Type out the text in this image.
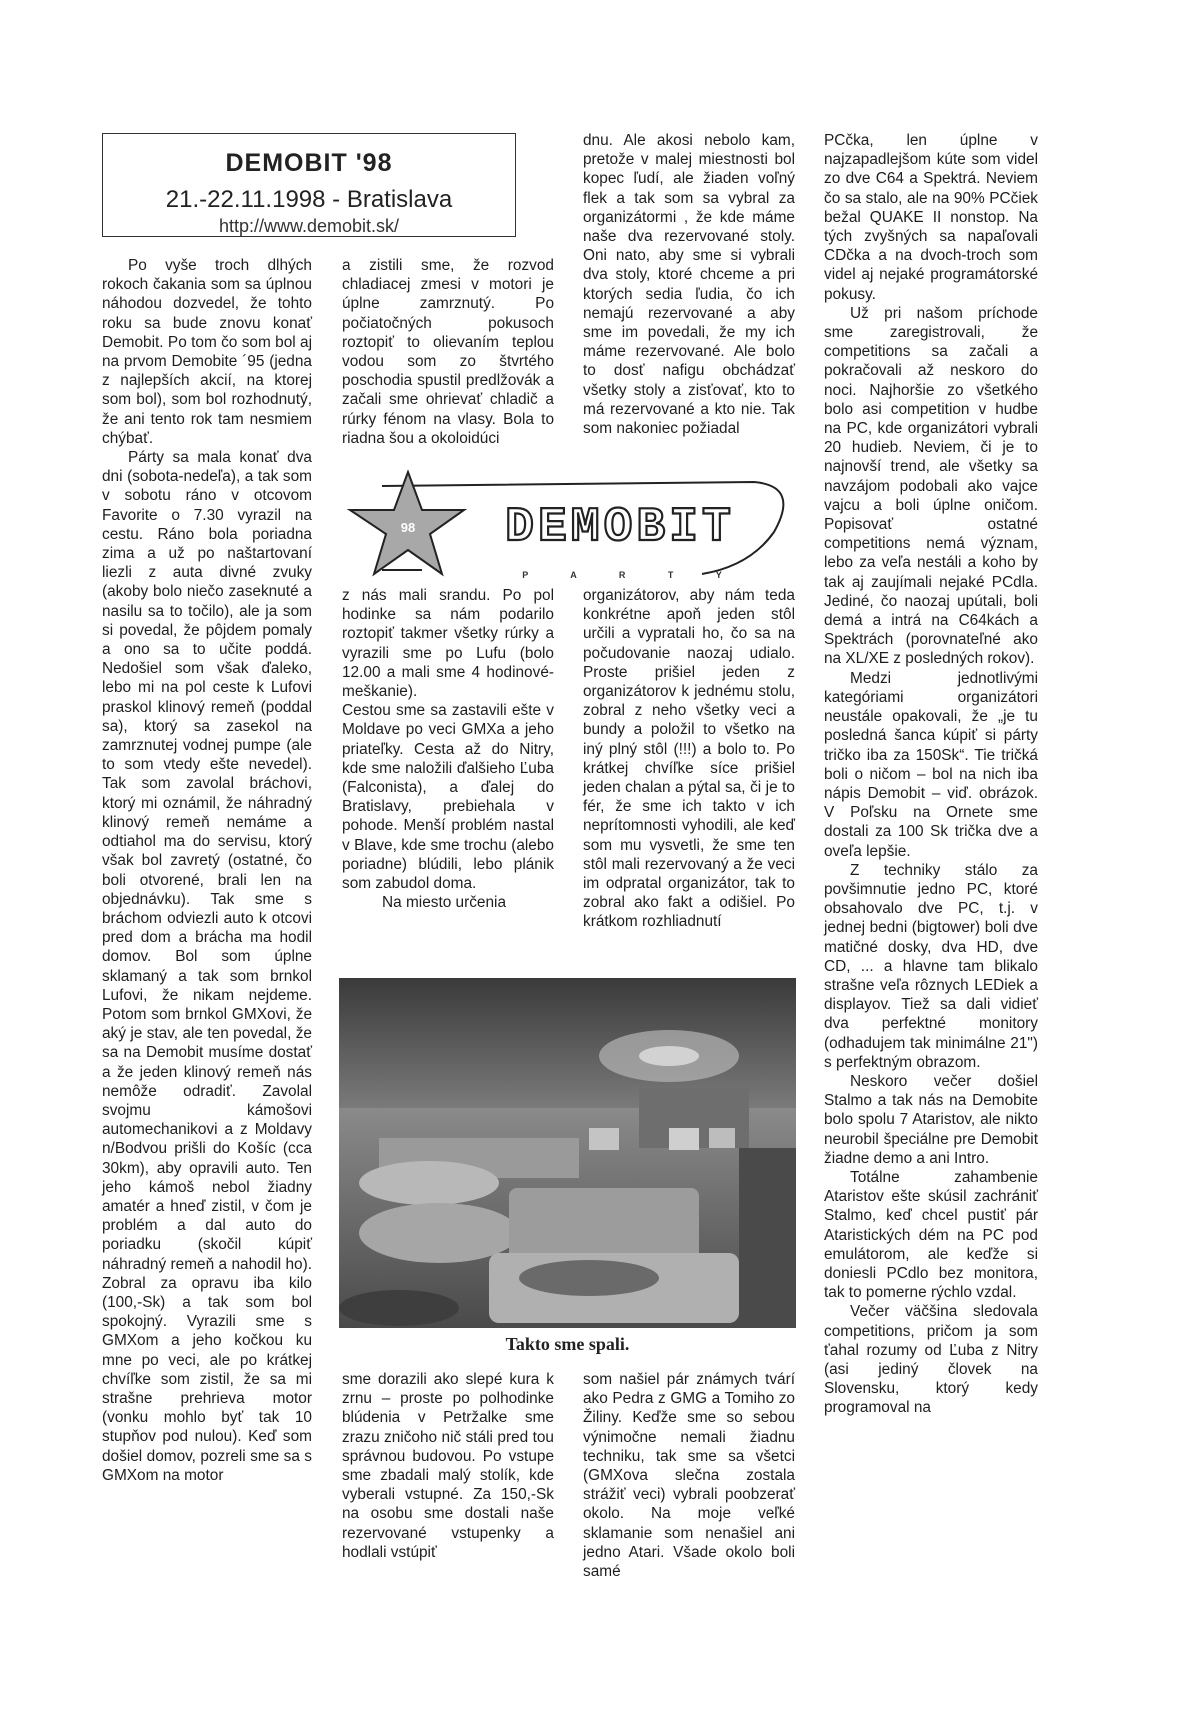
DEMOBIT '98
21.-22.11.1998 - Bratislava
http://www.demobit.sk/

Po vyše troch dlhých rokoch čakania som sa úplnou náhodou dozvedel, že tohto roku sa bude znovu konať Demobit. Po tom čo som bol aj na prvom Demobite ´95 (jedna z najlepších akcií, na ktorej som bol), som bol rozhodnutý, že ani tento rok tam nesmiem chýbať.

Párty sa mala konať dva dni (sobota-nedeľa), a tak som v sobotu ráno v otcovom Favorite o 7.30 vyrazil na cestu. Ráno bola poriadna zima a už po naštartovaní liezli z auta divné zvuky (akoby bolo niečo zaseknuté a nasilu sa to točilo), ale ja som si povedal, že pôjdem pomaly a ono sa to učite poddá. Nedošiel som však ďaleko, lebo mi na pol ceste k Lufovi praskol klinový remeň (poddal sa), ktorý sa zasekol na zamrznutej vodnej pumpe (ale to som vtedy ešte nevedel). Tak som zavolal bráchovi, ktorý mi oznámil, že náhradný klinový remeň nemáme a odtiahol ma do servisu, ktorý však bol zavretý (ostatné, čo boli otvorené, brali len na objednávku). Tak sme s bráchom odviezli auto k otcovi pred dom a brácha ma hodil domov. Bol som úplne sklamaný a tak som brnkol Lufovi, že nikam nejdeme. Potom som brnkol GMXovi, že aký je stav, ale ten povedal, že sa na Demobit musíme dostať a že jeden klinový remeň nás nemôže odradiť. Zavolal svojmu kámošovi automechanikovi a z Moldavy n/Bodvou prišli do Košíc (cca 30km), aby opravili auto. Ten jeho kámoš nebol žiadny amatér a hneď zistil, v čom je problém a dal auto do poriadku (skočil kúpiť náhradný remeň a nahodil ho). Zobral za opravu iba kilo (100,-Sk) a tak som bol spokojný. Vyrazili sme s GMXom a jeho kočkou ku mne po veci, ale po krátkej chvíľke som zistil, že sa mi strašne prehrieva motor (vonku mohlo byť tak 10 stupňov pod nulou). Keď som došiel domov, pozreli sme sa s GMXom na motor

a zistili sme, že rozvod chladiacej zmesi v motori je úplne zamrznutý. Po počiatočných pokusoch roztopiť to olievaním teplou vodou som zo štvrtého poschodia spustil predlžovák a začali sme ohrievať chladič a rúrky fénom na vlasy. Bola to riadna šou a okoloidúci

dnu. Ale akosi nebolo kam, pretože v malej miestnosti bol kopec ľudí, ale žiaden voľný flek a tak som sa vybral za organizátormi , že kde máme naše dva rezervované stoly. Oni nato, aby sme si vybrali dva stoly, ktoré chceme a pri ktorých sedia ľudia, čo ich nemajú rezervované a aby sme im povedali, že my ich máme rezervované. Ale bolo to dosť nafigu obchádzať všetky stoly a zisťovať, kto to má rezervované a kto nie. Tak som nakoniec požiadal

98 DEMOBIT
P A R T Y

z nás mali srandu. Po pol hodinke sa nám podarilo roztopiť takmer všetky rúrky a vyrazili sme po Lufu (bolo 12.00 a mali sme 4 hodinové-meškanie).

Cestou sme sa zastavili ešte v Moldave po veci GMXa a jeho priateľky. Cesta až do Nitry, kde sme naložili ďalšieho Ľuba (Falconista), a ďalej do Bratislavy, prebiehala v pohode. Menší problém nastal v Blave, kde sme trochu (alebo poriadne) blúdili, lebo plánik som zabudol doma.

Na miesto určenia

organizátorov, aby nám teda konkrétne apoň jeden stôl určili a vypratali ho, čo sa na počudovanie naozaj udialo. Proste prišiel jeden z organizátorov k jednému stolu, zobral z neho všetky veci a bundy a položil to všetko na iný plný stôl (!!!) a bolo to. Po krátkej chvíľke síce prišiel jeden chalan a pýtal sa, či je to fér, že sme ich takto v ich neprítomnosti vyhodili, ale keď som mu vysvetli, že sme ten stôl mali rezervovaný a že veci im odpratal organizátor, tak to zobral ako fakt a odišiel. Po krátkom rozhliadnutí

Takto sme spali.

sme dorazili ako slepé kura k zrnu – proste po polhodinke blúdenia v Petržalke sme zrazu zničoho nič stáli pred tou správnou budovou. Po vstupe sme zbadali malý stolík, kde vyberali vstupné. Za 150,-Sk na osobu sme dostali naše rezervované vstupenky a hodlali vstúpiť

som našiel pár známych tvárí ako Pedra z GMG a Tomiho zo Žiliny. Keďže sme so sebou výnimočne nemali žiadnu techniku, tak sme sa všetci (GMXova slečna zostala strážiť veci) vybrali poobzerať okolo. Na moje veľké sklamanie som nenašiel ani jedno Atari. Všade okolo boli samé

PCčka, len úplne v najzapadlejšom kúte som videl zo dve C64 a Spektrá. Neviem čo sa stalo, ale na 90% PCčiek bežal QUAKE II nonstop. Na tých zvyšných sa napaľovali CDčka a na dvoch-troch som videl aj nejaké programátorské pokusy.

Už pri našom príchode sme zaregistrovali, že competitions sa začali a pokračovali až neskoro do noci. Najhoršie zo všetkého bolo asi competition v hudbe na PC, kde organizátori vybrali 20 hudieb. Neviem, či je to najnovší trend, ale všetky sa navzájom podobali ako vajce vajcu a boli úplne oničom. Popisovať ostatné competitions nemá význam, lebo za veľa nestáli a koho by tak aj zaujímali nejaké PCdla. Jediné, čo naozaj upútali, boli demá a intrá na C64kách a Spektrách (porovnateľné ako na XL/XE z posledných rokov).

Medzi jednotlivými kategóriami organizátori neustále opakovali, že „je tu posledná šanca kúpiť si párty tričko iba za 150Sk“. Tie tričká boli o ničom – bol na nich iba nápis Demobit – viď. obrázok. V Poľsku na Ornete sme dostali za 100 Sk trička dve a oveľa lepšie.

Z techniky stálo za povšimnutie jedno PC, ktoré obsahovalo dve PC, t.j. v jednej bedni (bigtower) boli dve matičné dosky, dva HD, dve CD, ... a hlavne tam blikalo strašne veľa rôznych LEDiek a displayov. Tiež sa dali vidieť dva perfektné monitory (odhadujem tak minimálne 21") s perfektným obrazom.

Neskoro večer došiel Stalmo a tak nás na Demobite bolo spolu 7 Ataristov, ale nikto neurobil špeciálne pre Demobit žiadne demo a ani Intro.

Totálne zahambenie Ataristov ešte skúsil zachrániť Stalmo, keď chcel pustiť pár Ataristických dém na PC pod emulátorom, ale keďže si doniesli PCdlo bez monitora, tak to pomerne rýchlo vzdal.

Večer väčšina sledovala competitions, pričom ja som ťahal rozumy od Ľuba z Nitry (asi jediný človek na Slovensku, ktorý kedy programoval na
